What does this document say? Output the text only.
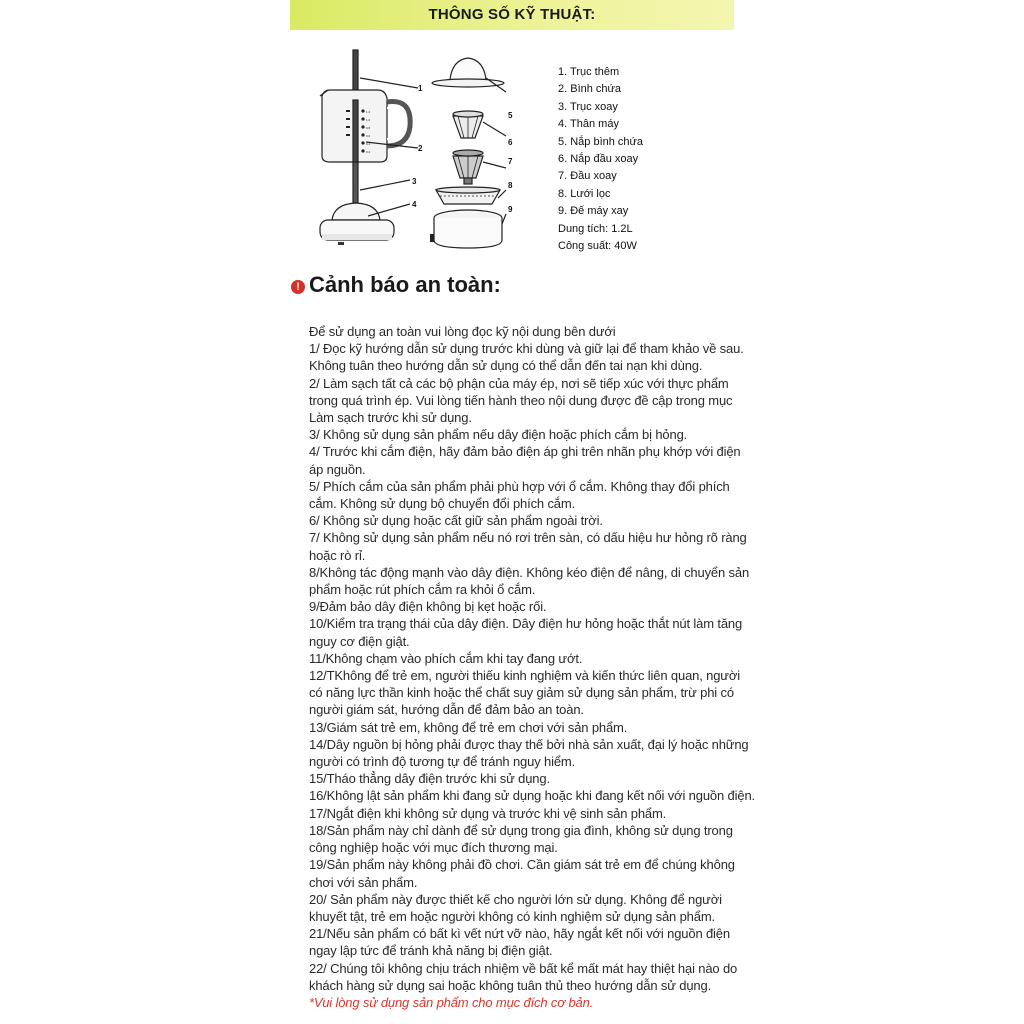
THÔNG SỐ KỸ THUẬT:
1
2
3
4
5
6
7
8
9
1.2
1.0
0.8
0.6
0.4
0.2
1. Trục thêm
2. Bình chứa
3. Trục xoay
4. Thân máy
5. Nắp bình chứa
6. Nắp đầu xoay
7. Đầu xoay
8. Lưới lọc
9. Đế máy xay
Dung tích: 1.2L
Công suất: 40W
! Cảnh báo an toàn:
Để sử dụng an toàn vui lòng đọc kỹ nội dung bên dưới
1/ Đọc kỹ hướng dẫn sử dụng trước khi dùng và giữ lại để tham khảo về sau.
Không tuân theo hướng dẫn sử dụng có thể dẫn đến tai nạn khi dùng.
2/ Làm sạch tất cả các bộ phận của máy ép, nơi sẽ tiếp xúc với thực phẩm
trong quá trình ép. Vui lòng tiến hành theo nội dung được đề cập trong mục
Làm sạch trước khi sử dụng.
3/ Không sử dụng sản phẩm nếu dây điện hoặc phích cắm bị hỏng.
4/ Trước khi cắm điện, hãy đảm bảo điện áp ghi trên nhãn phụ khớp với điện
áp nguồn.
5/ Phích cắm của sản phẩm phải phù hợp với ổ cắm. Không thay đổi phích
cắm. Không sử dụng bộ chuyển đổi phích cắm.
6/ Không sử dụng hoặc cất giữ sản phẩm ngoài trời.
7/ Không sử dụng sản phẩm nếu nó rơi trên sàn, có dấu hiệu hư hỏng rõ ràng
hoặc rò rỉ.
8/Không tác động mạnh vào dây điện. Không kéo điện để nâng, di chuyển sản
phẩm hoặc rút phích cắm ra khỏi ổ cắm.
9/Đảm bảo dây điện không bị kẹt hoặc rối.
10/Kiểm tra trạng thái của dây điện. Dây điện hư hỏng hoặc thắt nút làm tăng
nguy cơ điện giật.
11/Không chạm vào phích cắm khi tay đang ướt.
12/TKhông để trẻ em, người thiếu kinh nghiệm và kiến thức liên quan, người
có năng lực thần kinh hoặc thể chất suy giảm sử dụng sản phẩm, trừ phi có
người giám sát, hướng dẫn để đảm bảo an toàn.
13/Giám sát trẻ em, không để trẻ em chơi với sản phẩm.
14/Dây nguồn bị hỏng phải được thay thế bởi nhà sản xuất, đại lý hoặc những
người có trình độ tương tự để tránh nguy hiểm.
15/Tháo thẳng dây điện trước khi sử dụng.
16/Không lật sản phẩm khi đang sử dụng hoặc khi đang kết nối với nguồn điện.
17/Ngắt điện khi không sử dụng và trước khi vệ sinh sản phẩm.
18/Sản phẩm này chỉ dành để sử dụng trong gia đình, không sử dụng trong
công nghiệp hoặc với mục đích thương mại.
19/Sản phẩm này không phải đồ chơi. Cần giám sát trẻ em để chúng không
chơi với sản phẩm.
20/ Sản phẩm này được thiết kế cho người lớn sử dụng. Không để người
khuyết tật, trẻ em hoặc người không có kinh nghiệm sử dụng sản phẩm.
21/Nếu sản phẩm có bất kì vết nứt vỡ nào, hãy ngắt kết nối với nguồn điện
ngay lập tức để tránh khả năng bị điện giật.
22/ Chúng tôi không chịu trách nhiệm về bất kể mất mát hay thiệt hại nào do
khách hàng sử dụng sai hoặc không tuân thủ theo hướng dẫn sử dụng.
*Vui lòng sử dụng sản phẩm cho mục đích cơ bản.
